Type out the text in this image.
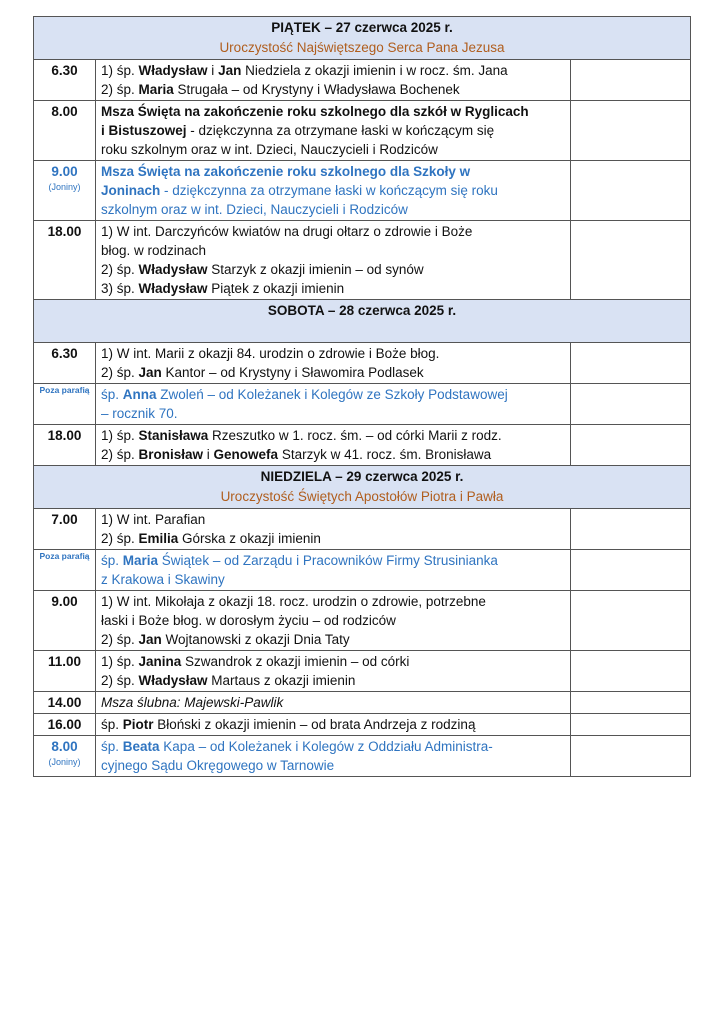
PIĄTEK – 27 czerwca 2025 r.
Uroczystość Najświętszego Serca Pana Jezusa		

6.30	1) śp. Władysław i Jan Niedziela z okazji imienin i w rocz. śm. Jana
2) śp. Maria Strugała – od Krystyny i Władysława Bochenek	

8.00	Msza Święta na zakończenie roku szkolnego dla szkół w Ryglicach
i Bistuszowej - dziękczynna za otrzymane łaski w kończącym się
roku szkolnym oraz w int. Dzieci, Nauczycieli i Rodziców	

9.00
(Joniny)	Msza Święta na zakończenie roku szkolnego dla Szkoły w
Joninach - dziękczynna za otrzymane łaski w kończącym się roku
szkolnym oraz w int. Dzieci, Nauczycieli i Rodziców	

18.00	1) W int. Darczyńców kwiatów na drugi ołtarz o zdrowie i Boże
błog. w rodzinach
2) śp. Władysław Starzyk z okazji imienin – od synów
3) śp. Władysław Piątek z okazji imienin	

SOBOTA – 28 czerwca 2025 r.		

6.30	1) W int. Marii z okazji 84. urodzin o zdrowie i Boże błog.
2) śp. Jan Kantor – od Krystyny i Sławomira Podlasek	

Poza parafią	śp. Anna Zwoleń – od Koleżanek i Kolegów ze Szkoły Podstawowej
– rocznik 70.	

18.00	1) śp. Stanisława Rzeszutko w 1. rocz. śm. – od córki Marii z rodz.
2) śp. Bronisław i Genowefa Starzyk w 41. rocz. śm. Bronisława	

NIEDZIELA – 29 czerwca 2025 r.
Uroczystość Świętych Apostołów Piotra i Pawła		

7.00	1) W int. Parafian
2) śp. Emilia Górska z okazji imienin	

Poza parafią	śp. Maria Świątek – od Zarządu i Pracowników Firmy Strusinianka
z Krakowa i Skawiny	

9.00	1) W int. Mikołaja z okazji 18. rocz. urodzin o zdrowie, potrzebne
łaski i Boże błog. w dorosłym życiu – od rodziców
2) śp. Jan Wojtanowski z okazji Dnia Taty	

11.00	1) śp. Janina Szwandrok z okazji imienin – od córki
2) śp. Władysław Martaus z okazji imienin	

14.00	Msza ślubna: Majewski-Pawlik	

16.00	śp. Piotr Błoński z okazji imienin – od brata Andrzeja z rodziną	

8.00
(Joniny)	śp. Beata Kapa – od Koleżanek i Kolegów z Oddziału Administra-
cyjnego Sądu Okręgowego w Tarnowie	
